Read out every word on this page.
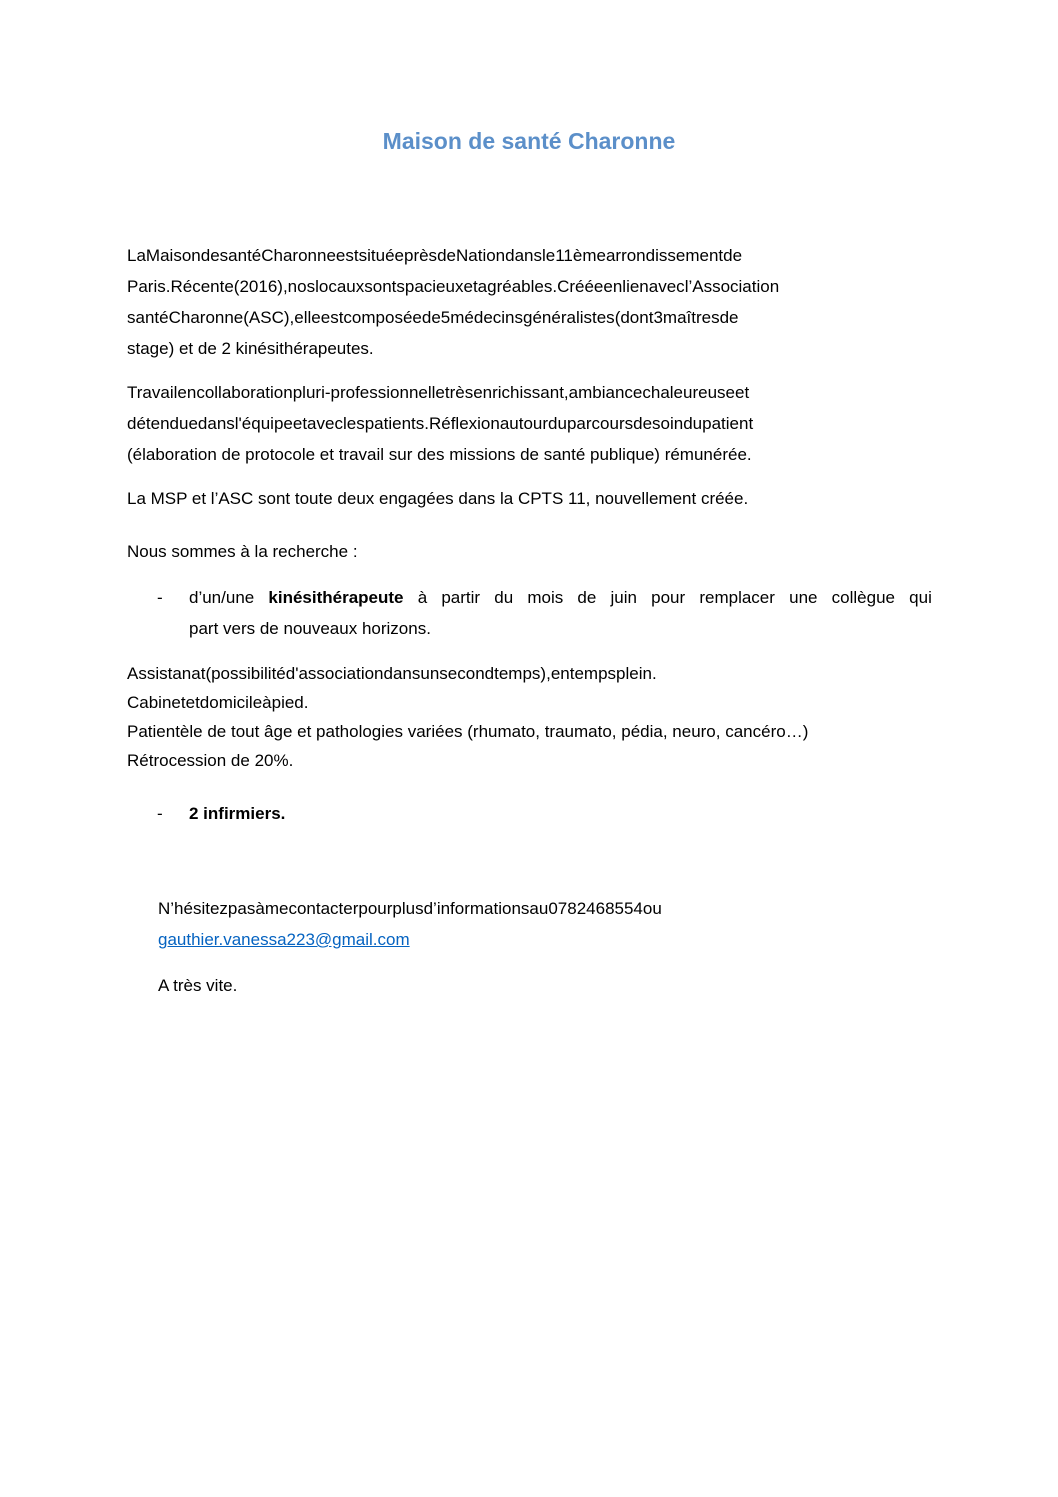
Maison de santé Charonne
LaMaisondesantéCharonneestsituéeprèsdeNationdansle11èmearrondissementde
Paris.Récente(2016),noslocauxsontspacieuxetagréables.Crééeenlienavecl’Association
santéCharonne(ASC),elleestcomposéede5médecinsgénéralistes(dont3maîtresde
stage) et de 2 kinésithérapeutes.
Travailencollaborationpluri-professionnelletrèsenrichissant,ambiancechaleureuseet
détenduedansl'équipeetaveclespatients.Réflexionautourduparcoursdesoindupatient
(élaboration de protocole et travail sur des missions de santé publique) rémunérée.

La MSP et l’ASC sont toute deux engagées dans la CPTS 11, nouvellement créée.

Nous sommes à la recherche :

- d’un/une kinésithérapeute à partir du mois de juin pour remplacer une collègue qui
part vers de nouveaux horizons.
Assistanat(possibilitéd'associationdansunsecondtemps),entempsplein.
Cabinetetdomicileàpied.
Patientèle de tout âge et pathologies variées (rhumato, traumato, pédia, neuro, cancéro…)
Rétrocession de 20%.
- 2 infirmiers.
N’hésitezpasàmecontacterpourplusd’informationsau0782468554ou
gauthier.vanessa223@gmail.com

A très vite.
